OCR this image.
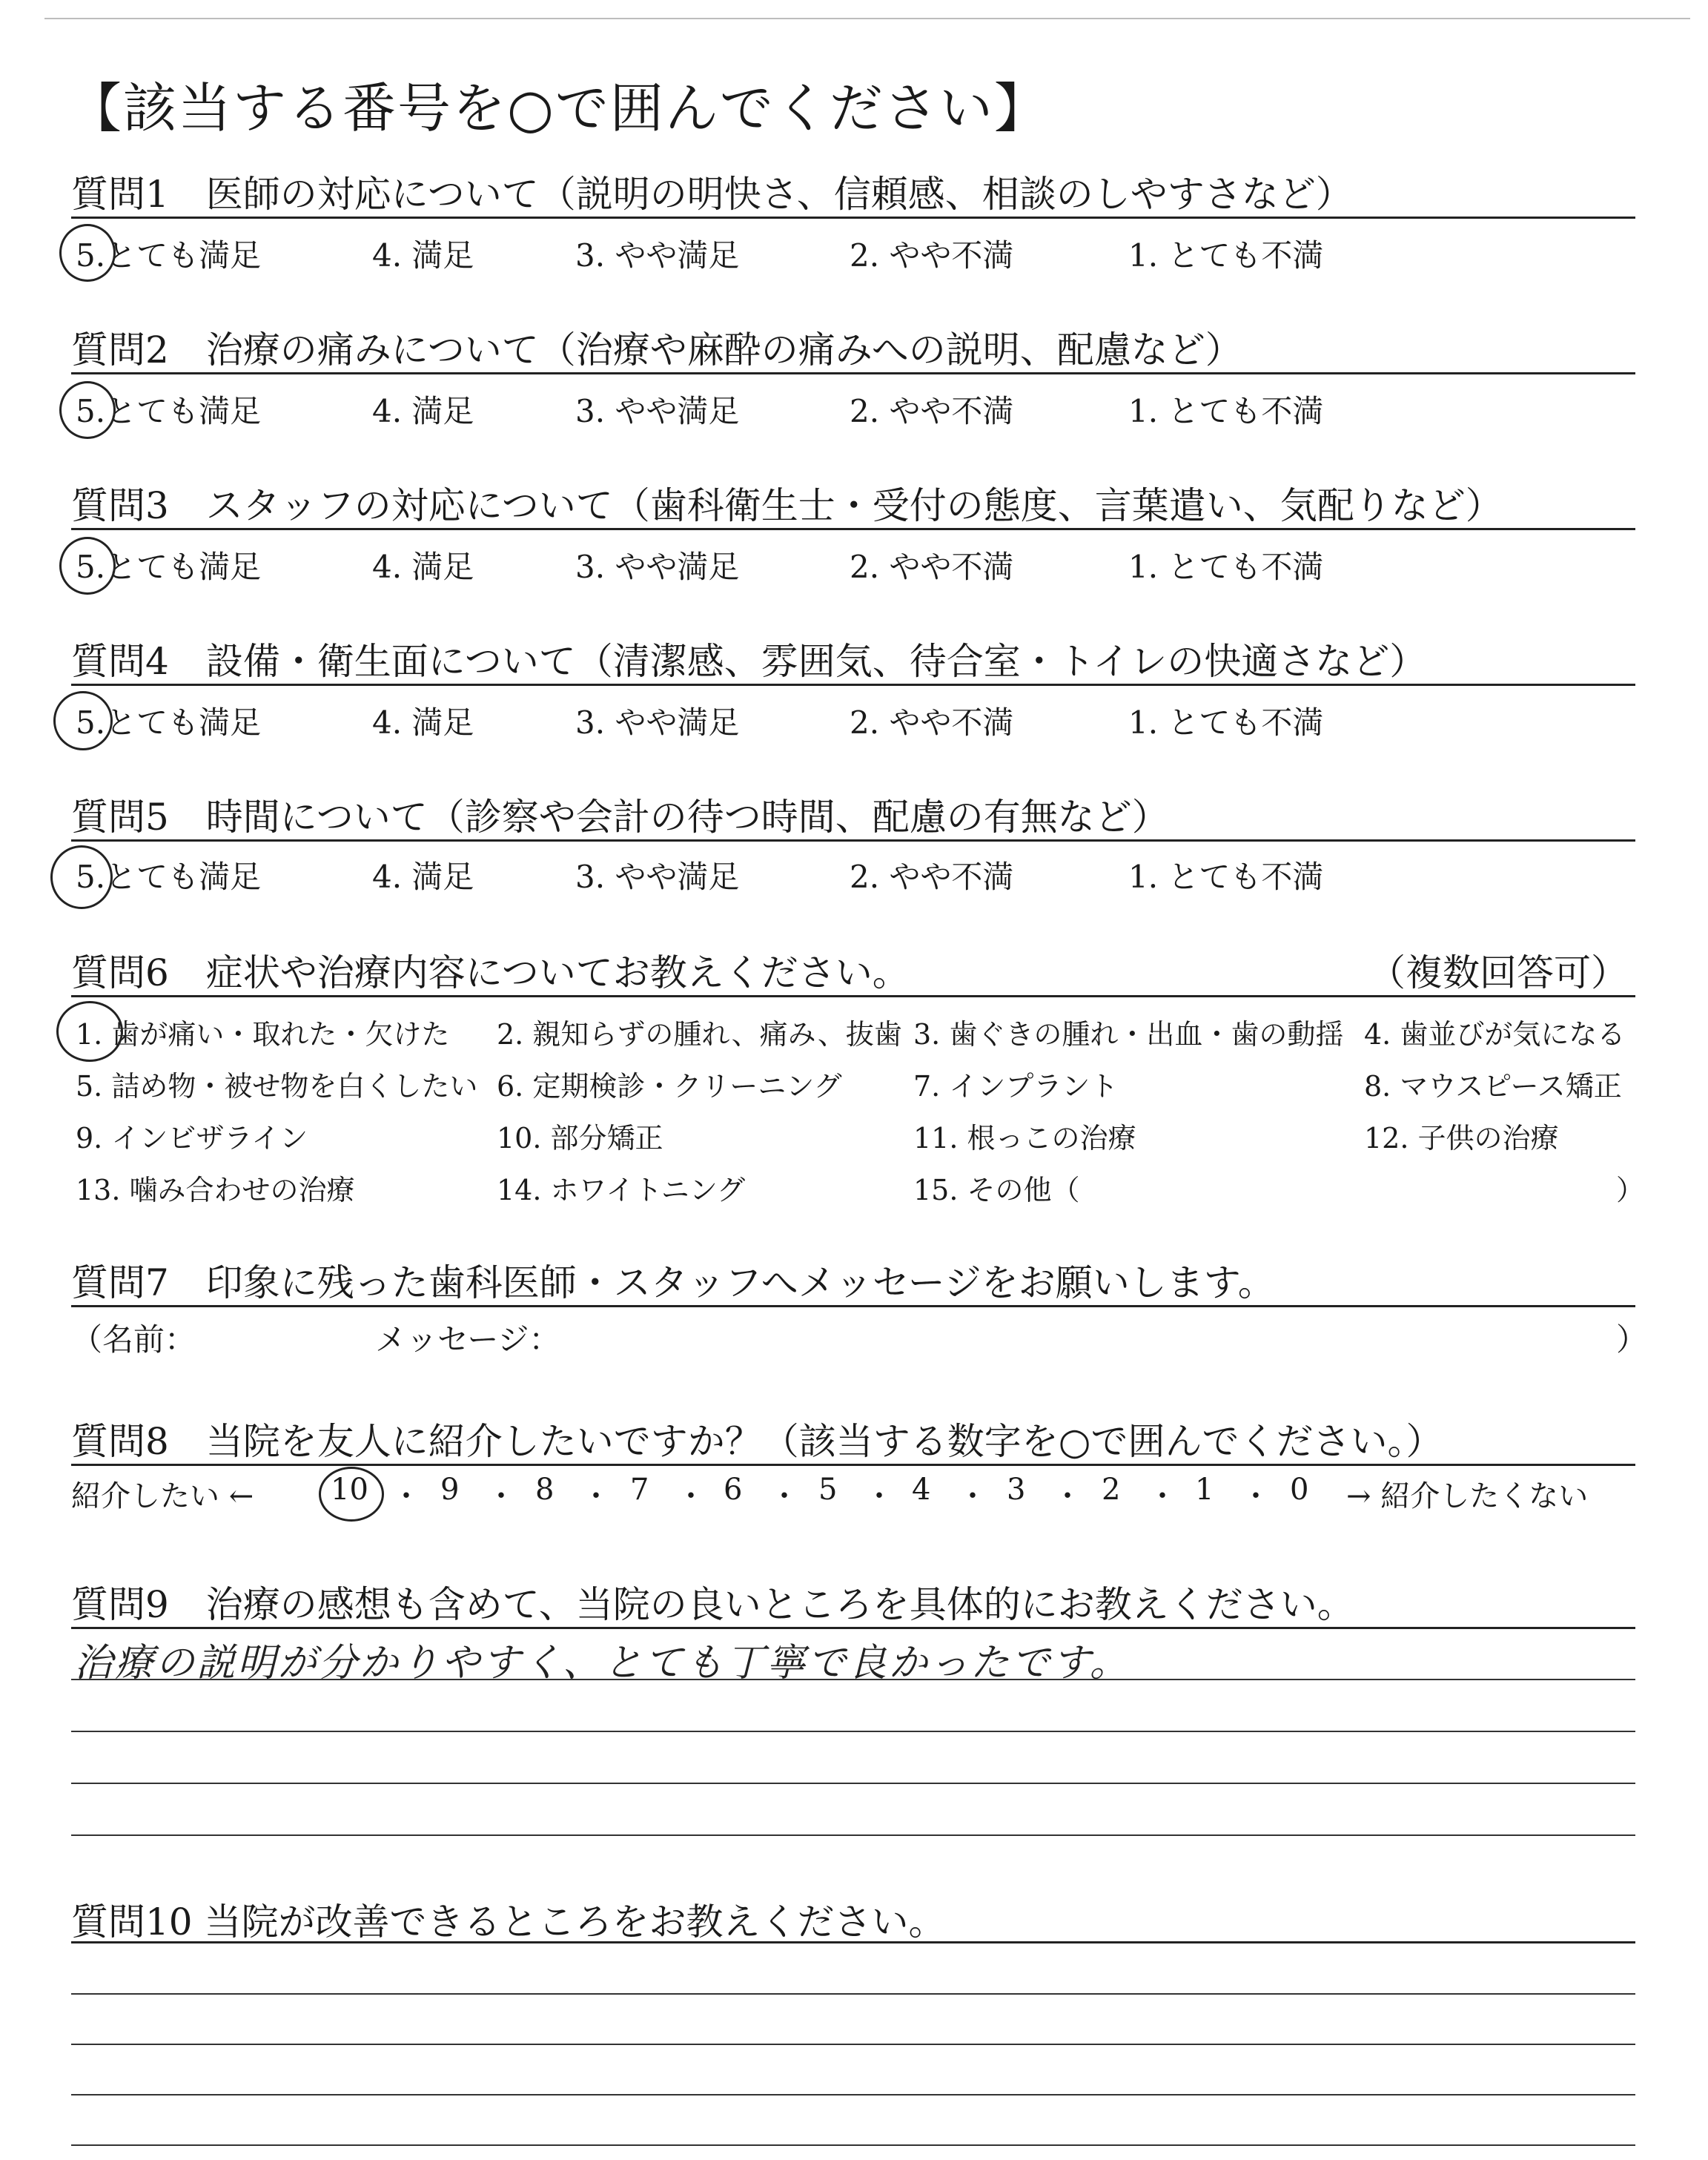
【該当する番号を○で囲んでください】
質問1　医師の対応について（説明の明快さ、信頼感、相談のしやすさなど）
5.とても満足	4. 満足	3. やや満足	2. やや不満	1. とても不満
質問2　治療の痛みについて（治療や麻酔の痛みへの説明、配慮など）
5.とても満足	4. 満足	3. やや満足	2. やや不満	1. とても不満
質問3　スタッフの対応について（歯科衛生士・受付の態度、言葉遣い、気配りなど）
5.とても満足	4. 満足	3. やや満足	2. やや不満	1. とても不満
質問4　設備・衛生面について（清潔感、雰囲気、待合室・トイレの快適さなど）
5.とても満足	4. 満足	3. やや満足	2. やや不満	1. とても不満
質問5　時間について（診察や会計の待つ時間、配慮の有無など）
5.とても満足	4. 満足	3. やや満足	2. やや不満	1. とても不満
質問6　症状や治療内容についてお教えください。	（複数回答可）
1. 歯が痛い・取れた・欠けた 2. 親知らずの腫れ、痛み、抜歯 3. 歯ぐきの腫れ・出血・歯の動揺 4. 歯並びが気になる
5. 詰め物・被せ物を白くしたい 6. 定期検診・クリーニング	7. インプラント	8. マウスピース矯正
9. インビザライン	10. 部分矯正	11. 根っこの治療	12. 子供の治療
13. 噛み合わせの治療	14. ホワイトニング	15. その他（	）
質問7　印象に残った歯科医師・スタッフへメッセージをお願いします。
（名前：	メッセージ：	）
質問8　当院を友人に紹介したいですか？（該当する数字を○で囲んでください。）
紹介したい ←	10 ・ 9 ・ 8 ・ 7 ・ 6 ・ 5 ・ 4 ・ 3 ・ 2 ・ 1 ・ 0 → 紹介したくない
質問9　治療の感想も含めて、当院の良いところを具体的にお教えください。
治療の説明が分かりやすく、とても丁寧で良かったです。
質問10 当院が改善できるところをお教えください。
